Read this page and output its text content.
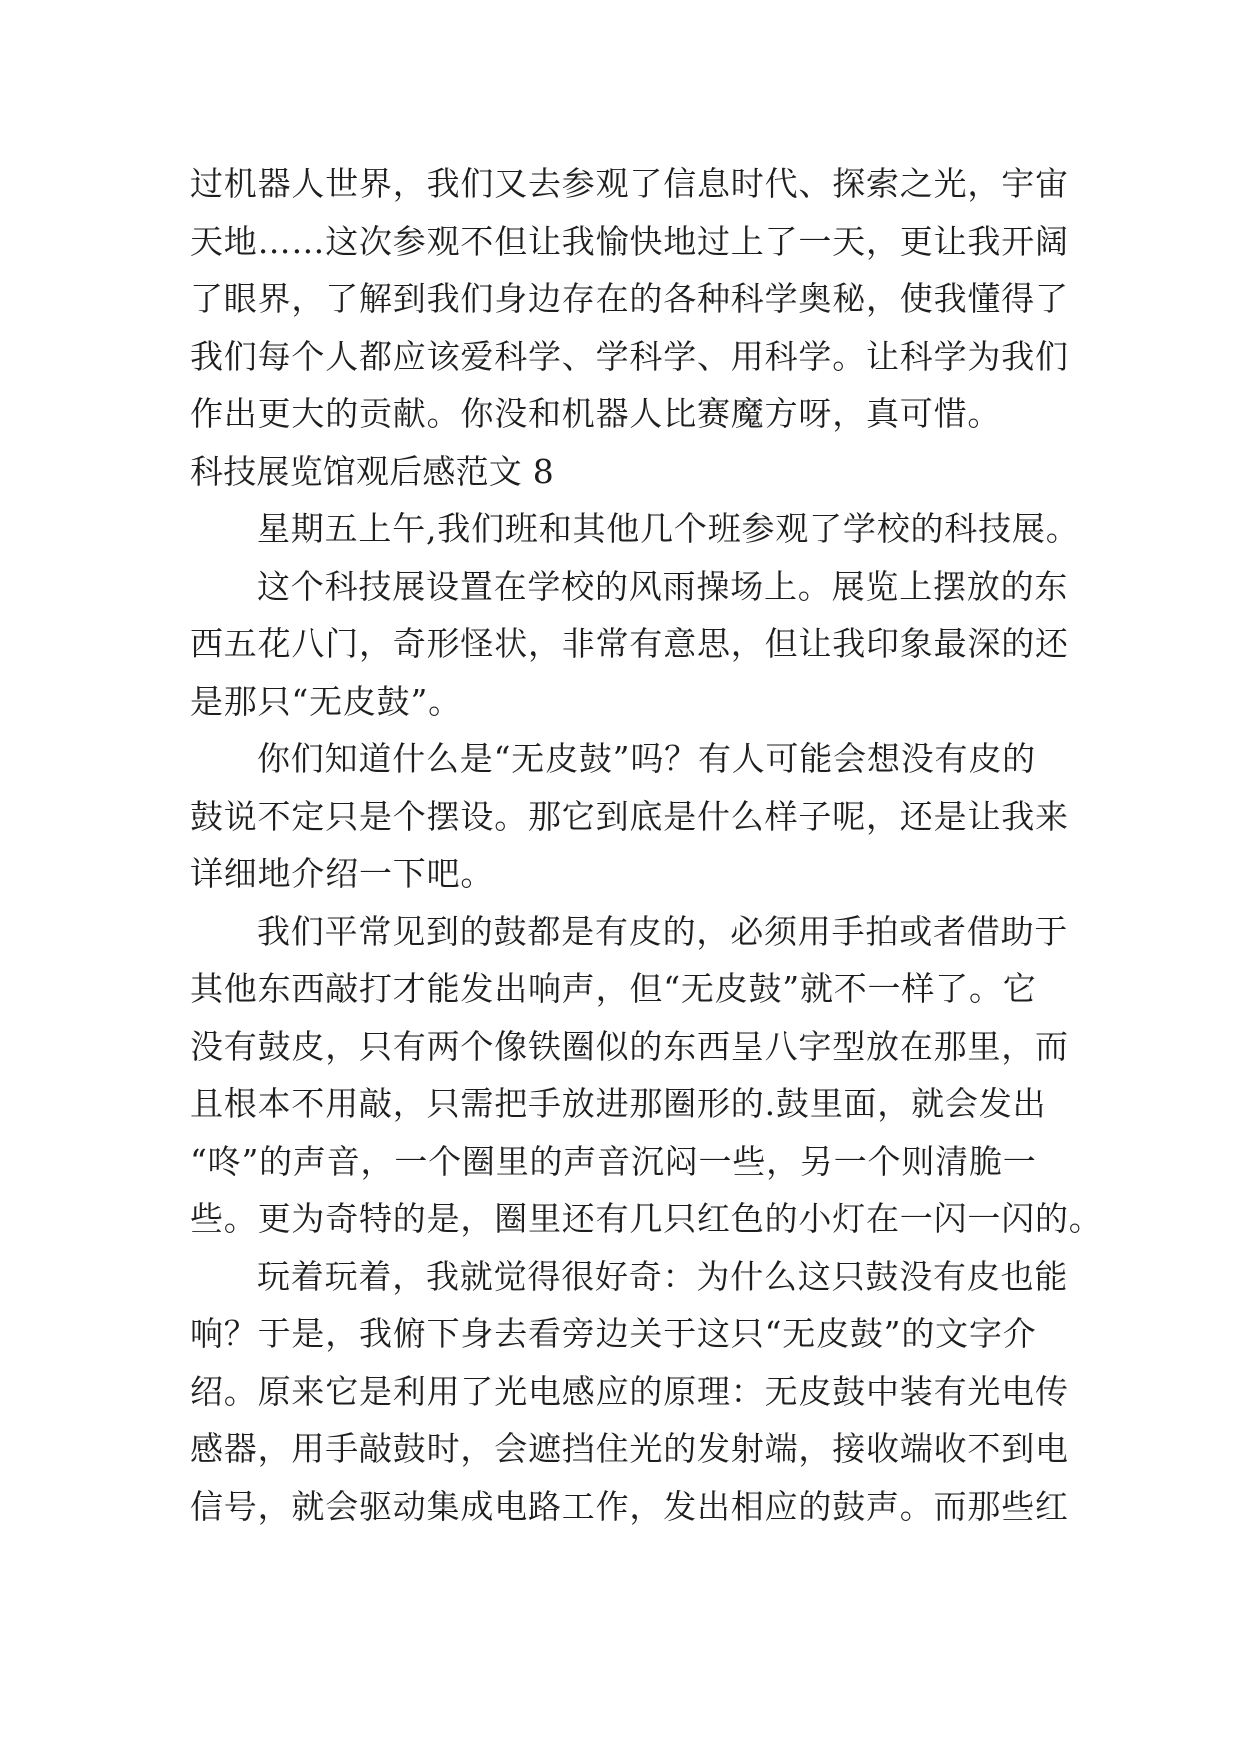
过机器人世界，我们又去参观了信息时代、探索之光，宇宙
天地……这次参观不但让我愉快地过上了一天，更让我开阔
了眼界，了解到我们身边存在的各种科学奥秘，使我懂得了
我们每个人都应该爱科学、学科学、用科学。让科学为我们
作出更大的贡献。你没和机器人比赛魔方呀，真可惜。
科技展览馆观后感范文 8
星期五上午,我们班和其他几个班参观了学校的科技展。
这个科技展设置在学校的风雨操场上。展览上摆放的东
西五花八门，奇形怪状，非常有意思，但让我印象最深的还
是那只“无皮鼓”。
你们知道什么是“无皮鼓”吗？有人可能会想没有皮的
鼓说不定只是个摆设。那它到底是什么样子呢，还是让我来
详细地介绍一下吧。
我们平常见到的鼓都是有皮的，必须用手拍或者借助于
其他东西敲打才能发出响声，但“无皮鼓”就不一样了。它
没有鼓皮，只有两个像铁圈似的东西呈八字型放在那里，而
且根本不用敲，只需把手放进那圈形的.鼓里面，就会发出
“咚”的声音，一个圈里的声音沉闷一些，另一个则清脆一
些。更为奇特的是，圈里还有几只红色的小灯在一闪一闪的。
玩着玩着，我就觉得很好奇：为什么这只鼓没有皮也能
响？于是，我俯下身去看旁边关于这只“无皮鼓”的文字介
绍。原来它是利用了光电感应的原理：无皮鼓中装有光电传
感器，用手敲鼓时，会遮挡住光的发射端，接收端收不到电
信号，就会驱动集成电路工作，发出相应的鼓声。而那些红
